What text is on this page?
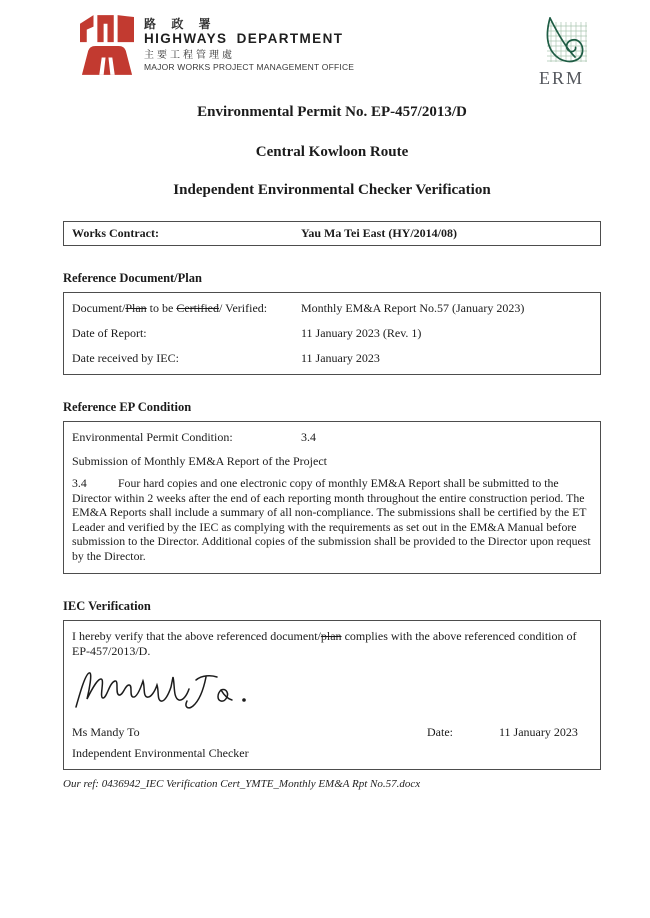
路 政 署
HIGHWAYS DEPARTMENT
主要工程管理處
MAJOR WORKS PROJECT MANAGEMENT OFFICE
ERM
Environmental Permit No. EP-457/2013/D
Central Kowloon Route
Independent Environmental Checker Verification
Works Contract:	Yau Ma Tei East (HY/2014/08)
Reference Document/Plan
Document/Plan to be Certified/ Verified:	Monthly EM&A Report No.57 (January 2023)
Date of Report:	11 January 2023 (Rev. 1)
Date received by IEC:	11 January 2023
Reference EP Condition
Environmental Permit Condition:	3.4
Submission of Monthly EM&A Report of the Project
3.4	Four hard copies and one electronic copy of monthly EM&A Report shall be submitted to the Director within 2 weeks after the end of each reporting month throughout the entire construction period. The EM&A Reports shall include a summary of all non-compliance. The submissions shall be certified by the ET Leader and verified by the IEC as complying with the requirements as set out in the EM&A Manual before submission to the Director. Additional copies of the submission shall be provided to the Director upon request by the Director.
IEC Verification
I hereby verify that the above referenced document/plan complies with the above referenced condition of EP-457/2013/D.
Ms Mandy To	Date:	11 January 2023
Independent Environmental Checker
Our ref: 0436942_IEC Verification Cert_YMTE_Monthly EM&A Rpt No.57.docx
